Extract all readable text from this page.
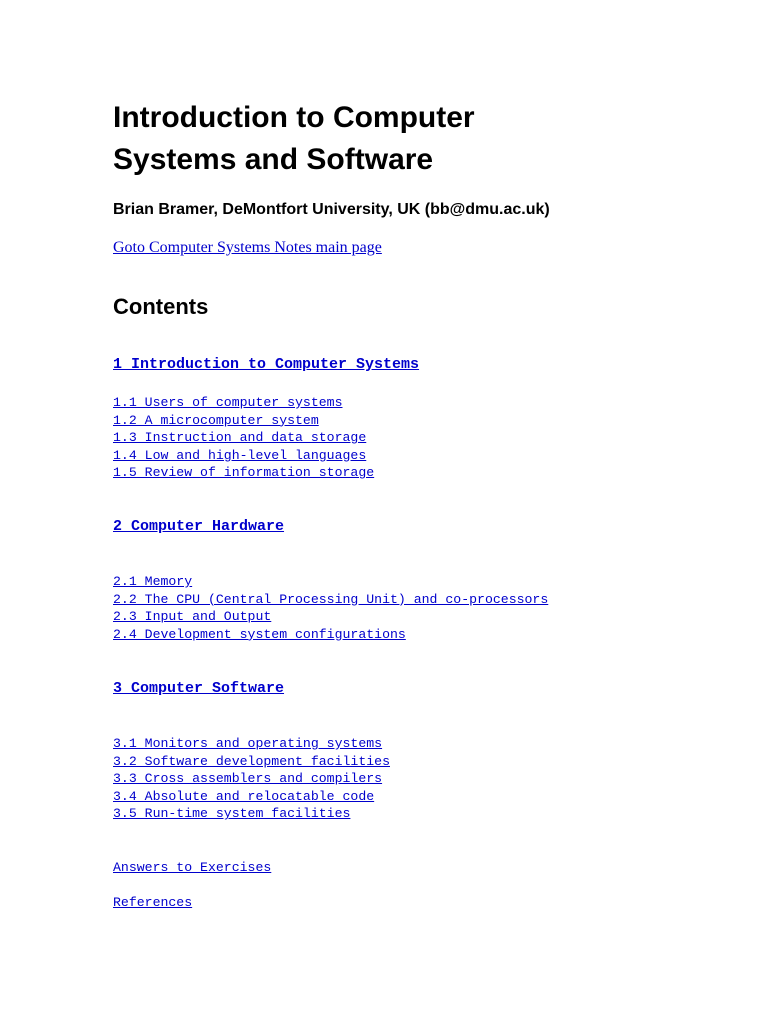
Introduction to Computer
Systems and Software
Brian Bramer, DeMontfort University, UK (bb@dmu.ac.uk)
Goto Computer Systems Notes main page
Contents
1 Introduction to Computer Systems
1.1 Users of computer systems
1.2 A microcomputer system
1.3 Instruction and data storage
1.4 Low and high-level languages
1.5 Review of information storage
2 Computer Hardware
2.1 Memory
2.2 The CPU (Central Processing Unit) and co-processors
2.3 Input and Output
2.4 Development system configurations
3 Computer Software
3.1 Monitors and operating systems
3.2 Software development facilities
3.3 Cross assemblers and compilers
3.4 Absolute and relocatable code
3.5 Run-time system facilities
Answers to Exercises
References
